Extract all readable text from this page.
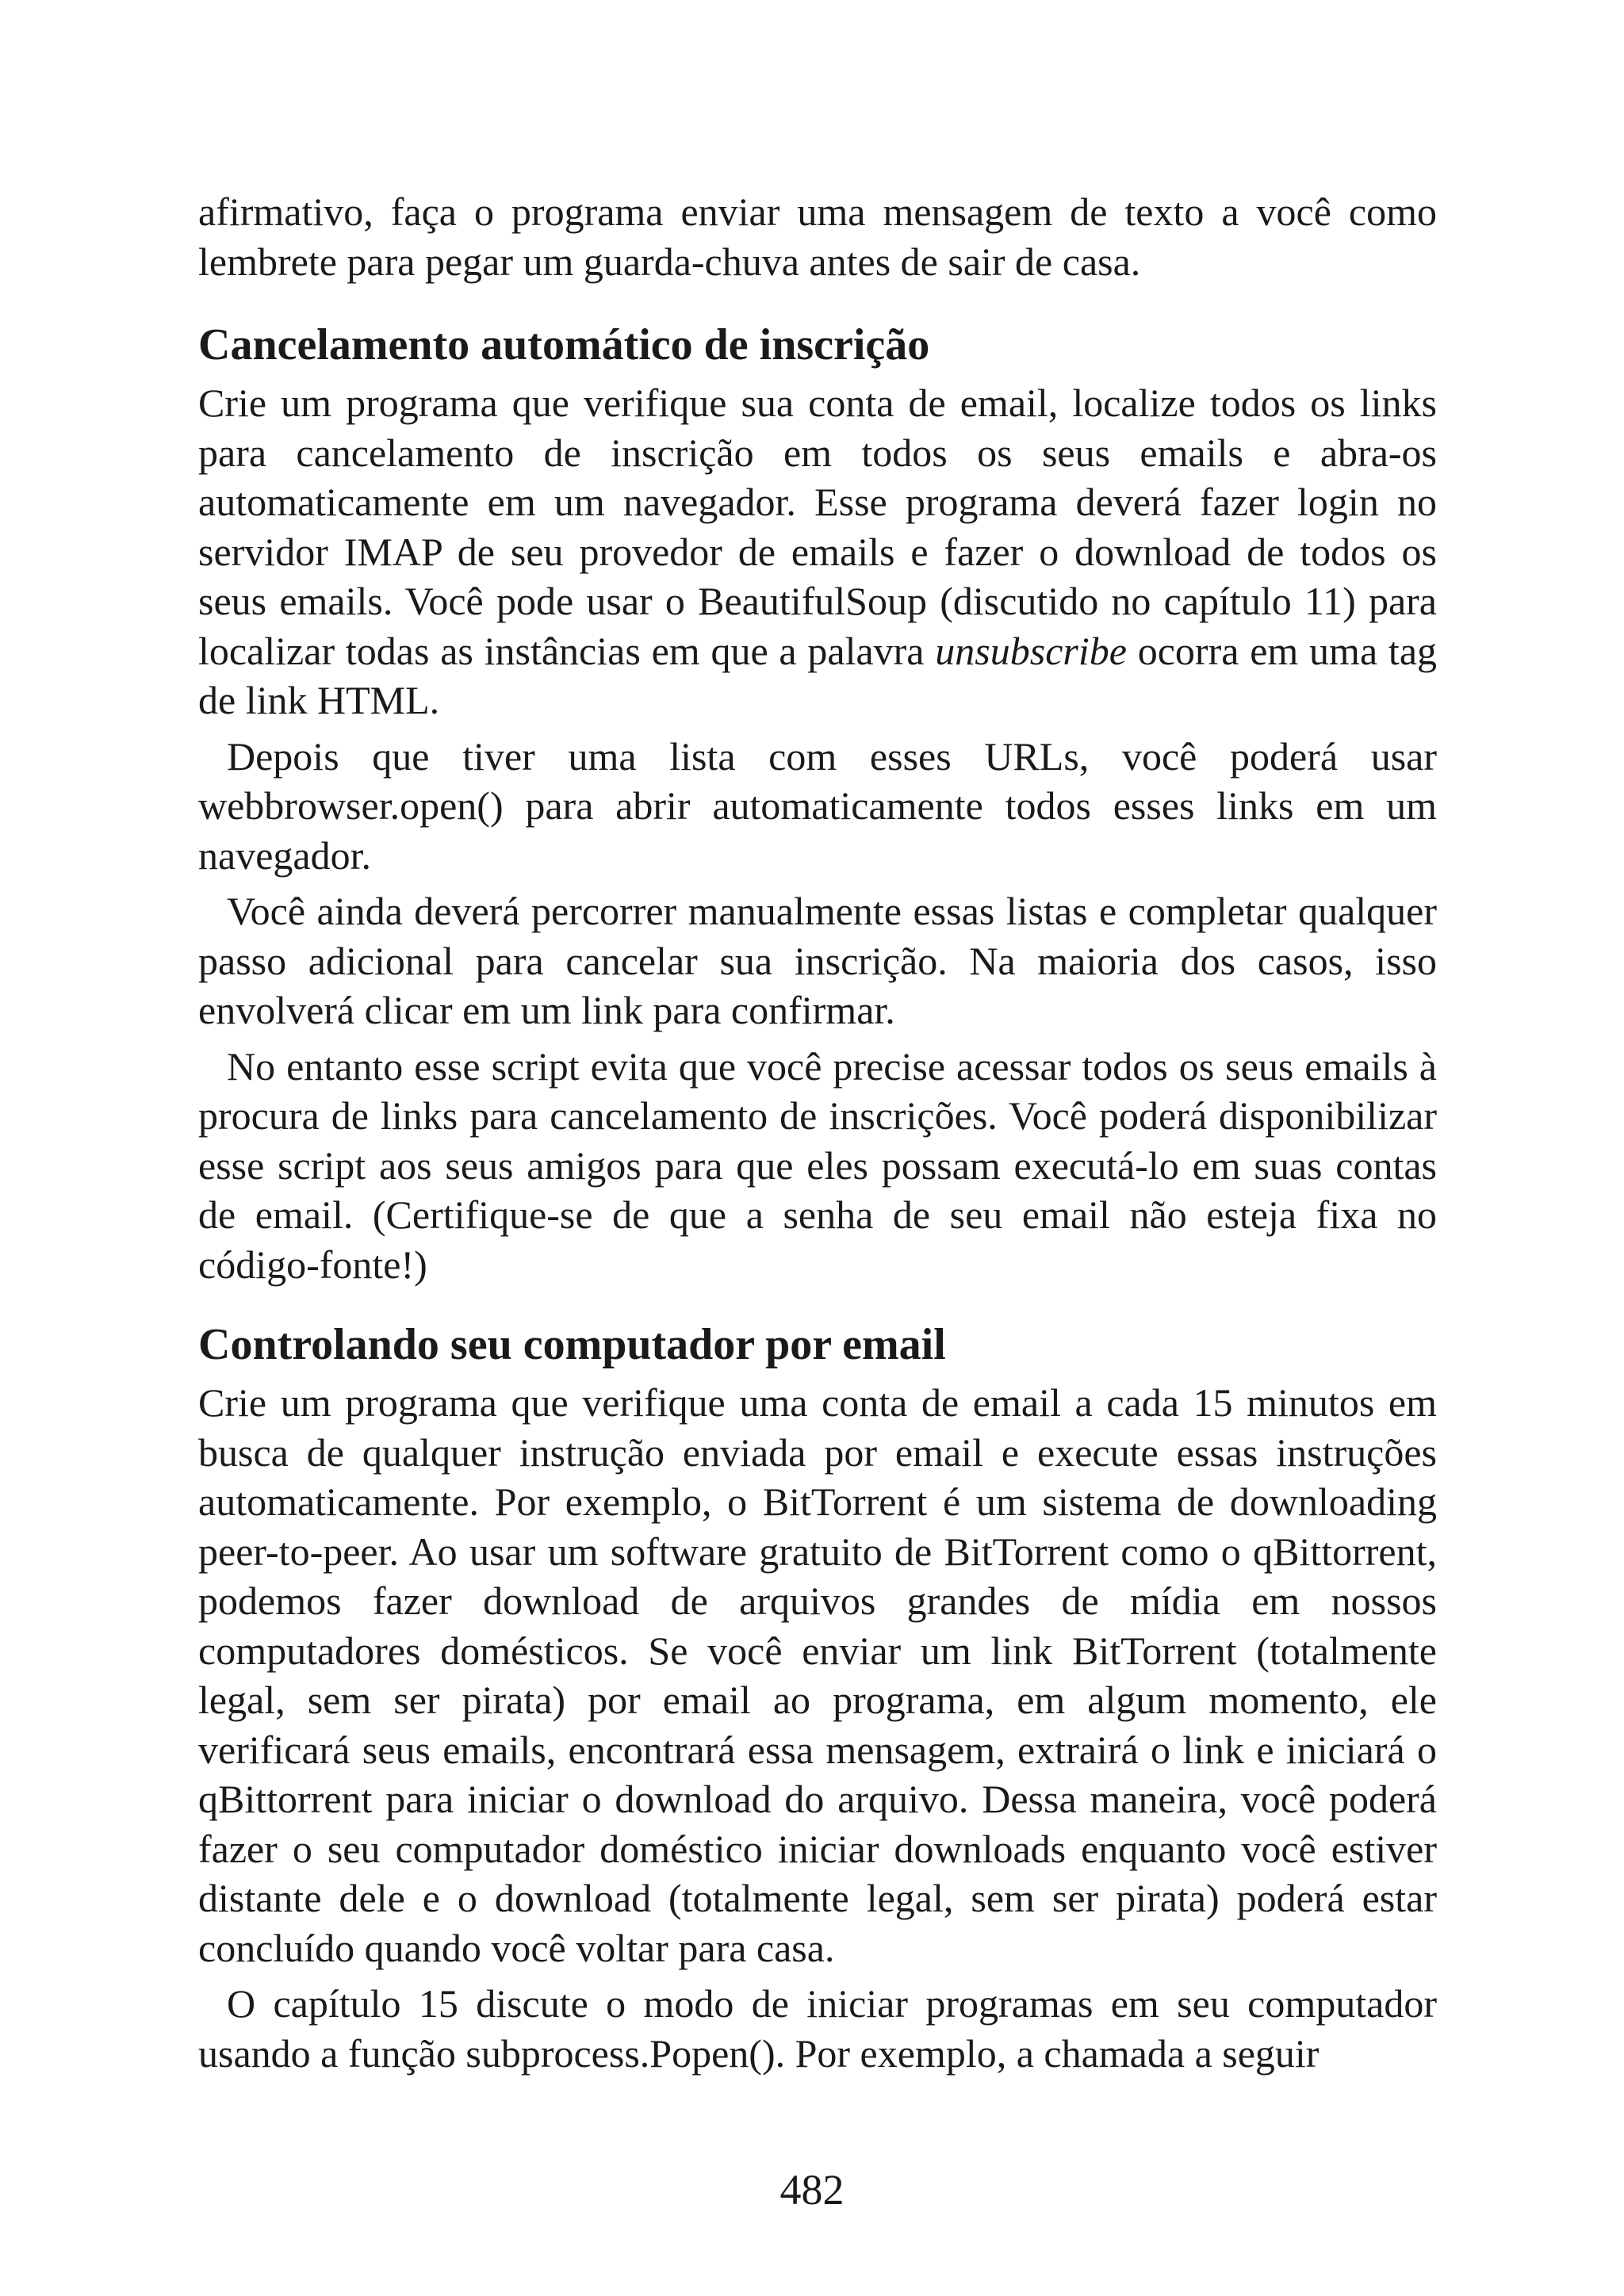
afirmativo, faça o programa enviar uma mensagem de texto a você como lembrete para pegar um guarda-chuva antes de sair de casa.

Cancelamento automático de inscrição

Crie um programa que verifique sua conta de email, localize todos os links para cancelamento de inscrição em todos os seus emails e abra-os automaticamente em um navegador. Esse programa deverá fazer login no servidor IMAP de seu provedor de emails e fazer o download de todos os seus emails. Você pode usar o BeautifulSoup (discutido no capítulo 11) para localizar todas as instâncias em que a palavra unsubscribe ocorra em uma tag de link HTML.

Depois que tiver uma lista com esses URLs, você poderá usar webbrowser.open() para abrir automaticamente todos esses links em um navegador.

Você ainda deverá percorrer manualmente essas listas e completar qualquer passo adicional para cancelar sua inscrição. Na maioria dos casos, isso envolverá clicar em um link para confirmar.

No entanto esse script evita que você precise acessar todos os seus emails à procura de links para cancelamento de inscrições. Você poderá disponibilizar esse script aos seus amigos para que eles possam executá-lo em suas contas de email. (Certifique-se de que a senha de seu email não esteja fixa no código-fonte!)

Controlando seu computador por email

Crie um programa que verifique uma conta de email a cada 15 minutos em busca de qualquer instrução enviada por email e execute essas instruções automaticamente. Por exemplo, o BitTorrent é um sistema de downloading peer-to-peer. Ao usar um software gratuito de BitTorrent como o qBittorrent, podemos fazer download de arquivos grandes de mídia em nossos computadores domésticos. Se você enviar um link BitTorrent (totalmente legal, sem ser pirata) por email ao programa, em algum momento, ele verificará seus emails, encontrará essa mensagem, extrairá o link e iniciará o qBittorrent para iniciar o download do arquivo. Dessa maneira, você poderá fazer o seu computador doméstico iniciar downloads enquanto você estiver distante dele e o download (totalmente legal, sem ser pirata) poderá estar concluído quando você voltar para casa.

O capítulo 15 discute o modo de iniciar programas em seu computador usando a função subprocess.Popen(). Por exemplo, a chamada a seguir

482
